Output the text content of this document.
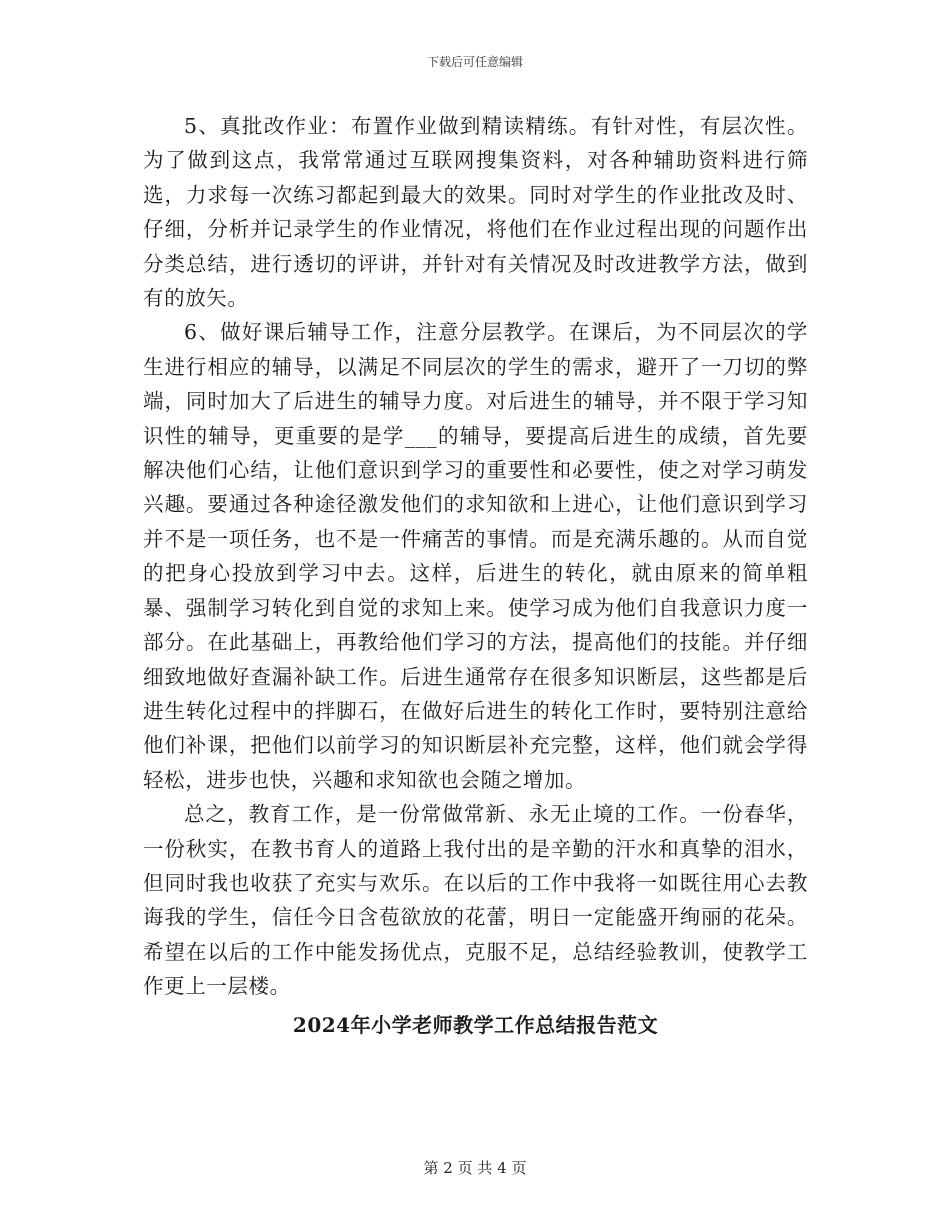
下载后可任意编辑

5、真批改作业：布置作业做到精读精练。有针对性，有层次性。为了做到这点，我常常通过互联网搜集资料，对各种辅助资料进行筛选，力求每一次练习都起到最大的效果。同时对学生的作业批改及时、仔细，分析并记录学生的作业情况，将他们在作业过程出现的问题作出分类总结，进行透切的评讲，并针对有关情况及时改进教学方法，做到有的放矢。

6、做好课后辅导工作，注意分层教学。在课后，为不同层次的学生进行相应的辅导，以满足不同层次的学生的需求，避开了一刀切的弊端，同时加大了后进生的辅导力度。对后进生的辅导，并不限于学习知识性的辅导，更重要的是学___的辅导，要提高后进生的成绩，首先要解决他们心结，让他们意识到学习的重要性和必要性，使之对学习萌发兴趣。要通过各种途径激发他们的求知欲和上进心，让他们意识到学习并不是一项任务，也不是一件痛苦的事情。而是充满乐趣的。从而自觉的把身心投放到学习中去。这样，后进生的转化，就由原来的简单粗暴、强制学习转化到自觉的求知上来。使学习成为他们自我意识力度一部分。在此基础上，再教给他们学习的方法，提高他们的技能。并仔细细致地做好查漏补缺工作。后进生通常存在很多知识断层，这些都是后进生转化过程中的拌脚石，在做好后进生的转化工作时，要特别注意给他们补课，把他们以前学习的知识断层补充完整，这样，他们就会学得轻松，进步也快，兴趣和求知欲也会随之增加。

总之，教育工作，是一份常做常新、永无止境的工作。一份春华，一份秋实，在教书育人的道路上我付出的是辛勤的汗水和真挚的泪水，但同时我也收获了充实与欢乐。在以后的工作中我将一如既往用心去教诲我的学生，信任今日含苞欲放的花蕾，明日一定能盛开绚丽的花朵。希望在以后的工作中能发扬优点，克服不足，总结经验教训，使教学工作更上一层楼。

2024年小学老师教学工作总结报告范文
第 2 页 共 4 页
